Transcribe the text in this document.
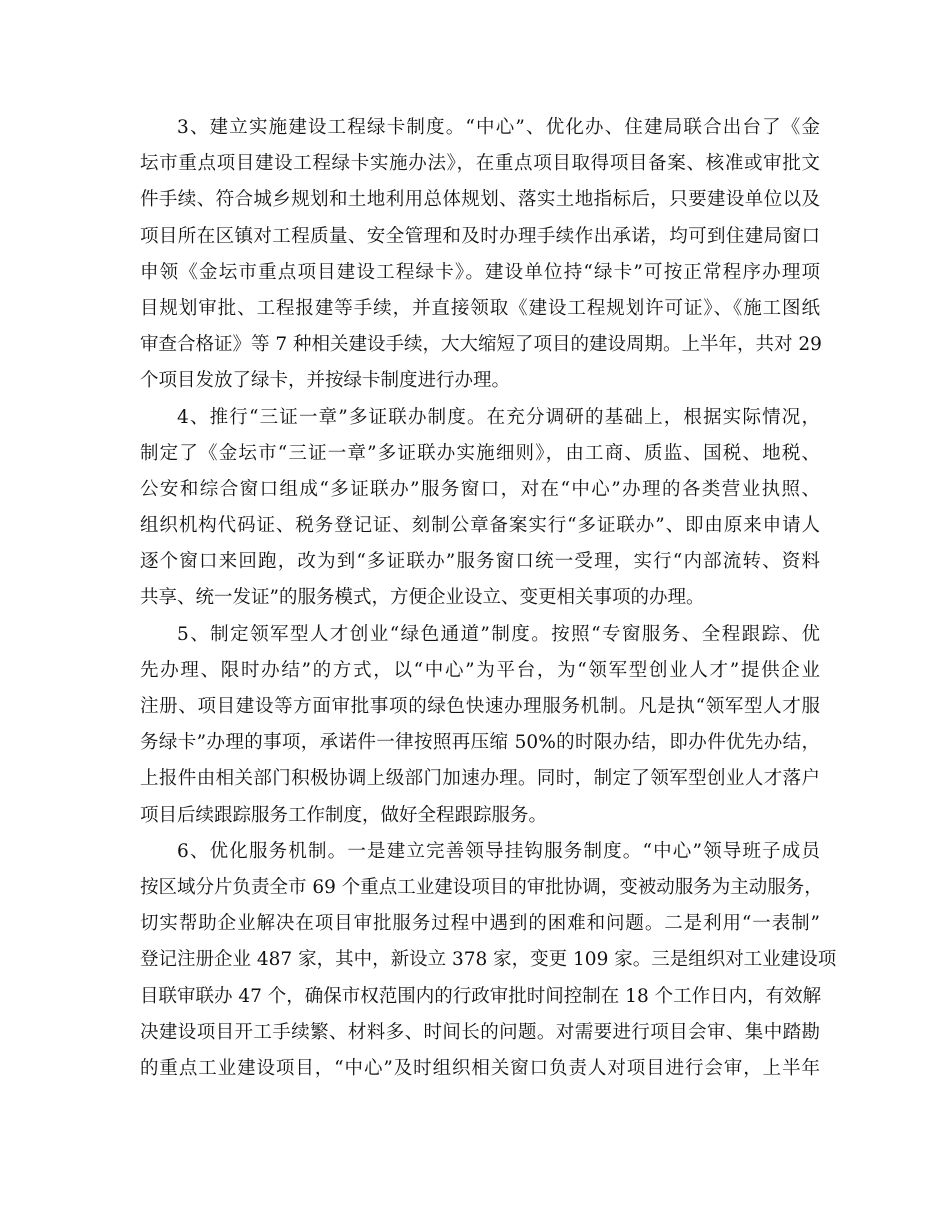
3、建立实施建设工程绿卡制度。“中心”、优化办、住建局联合出台了《金
坛市重点项目建设工程绿卡实施办法》，在重点项目取得项目备案、核准或审批文
件手续、符合城乡规划和土地利用总体规划、落实土地指标后，只要建设单位以及
项目所在区镇对工程质量、安全管理和及时办理手续作出承诺，均可到住建局窗口
申领《金坛市重点项目建设工程绿卡》。建设单位持“绿卡”可按正常程序办理项
目规划审批、工程报建等手续，并直接领取《建设工程规划许可证》、《施工图纸
审查合格证》等 7 种相关建设手续，大大缩短了项目的建设周期。上半年，共对 29
个项目发放了绿卡，并按绿卡制度进行办理。
4、推行“三证一章”多证联办制度。在充分调研的基础上，根据实际情况，
制定了《金坛市“三证一章”多证联办实施细则》，由工商、质监、国税、地税、
公安和综合窗口组成“多证联办”服务窗口，对在“中心”办理的各类营业执照、
组织机构代码证、税务登记证、刻制公章备案实行“多证联办”、即由原来申请人
逐个窗口来回跑，改为到“多证联办”服务窗口统一受理，实行“内部流转、资料
共享、统一发证”的服务模式，方便企业设立、变更相关事项的办理。
5、制定领军型人才创业“绿色通道”制度。按照“专窗服务、全程跟踪、优
先办理、限时办结”的方式，以“中心”为平台，为“领军型创业人才”提供企业
注册、项目建设等方面审批事项的绿色快速办理服务机制。凡是执“领军型人才服
务绿卡”办理的事项，承诺件一律按照再压缩 50%的时限办结，即办件优先办结，
上报件由相关部门积极协调上级部门加速办理。同时，制定了领军型创业人才落户
项目后续跟踪服务工作制度，做好全程跟踪服务。
6、优化服务机制。一是建立完善领导挂钩服务制度。“中心”领导班子成员
按区域分片负责全市 69 个重点工业建设项目的审批协调，变被动服务为主动服务，
切实帮助企业解决在项目审批服务过程中遇到的困难和问题。二是利用“一表制”
登记注册企业 487 家，其中，新设立 378 家，变更 109 家。三是组织对工业建设项
目联审联办 47 个，确保市权范围内的行政审批时间控制在 18 个工作日内，有效解
决建设项目开工手续繁、材料多、时间长的问题。对需要进行项目会审、集中踏勘
的重点工业建设项目，“中心”及时组织相关窗口负责人对项目进行会审，上半年
